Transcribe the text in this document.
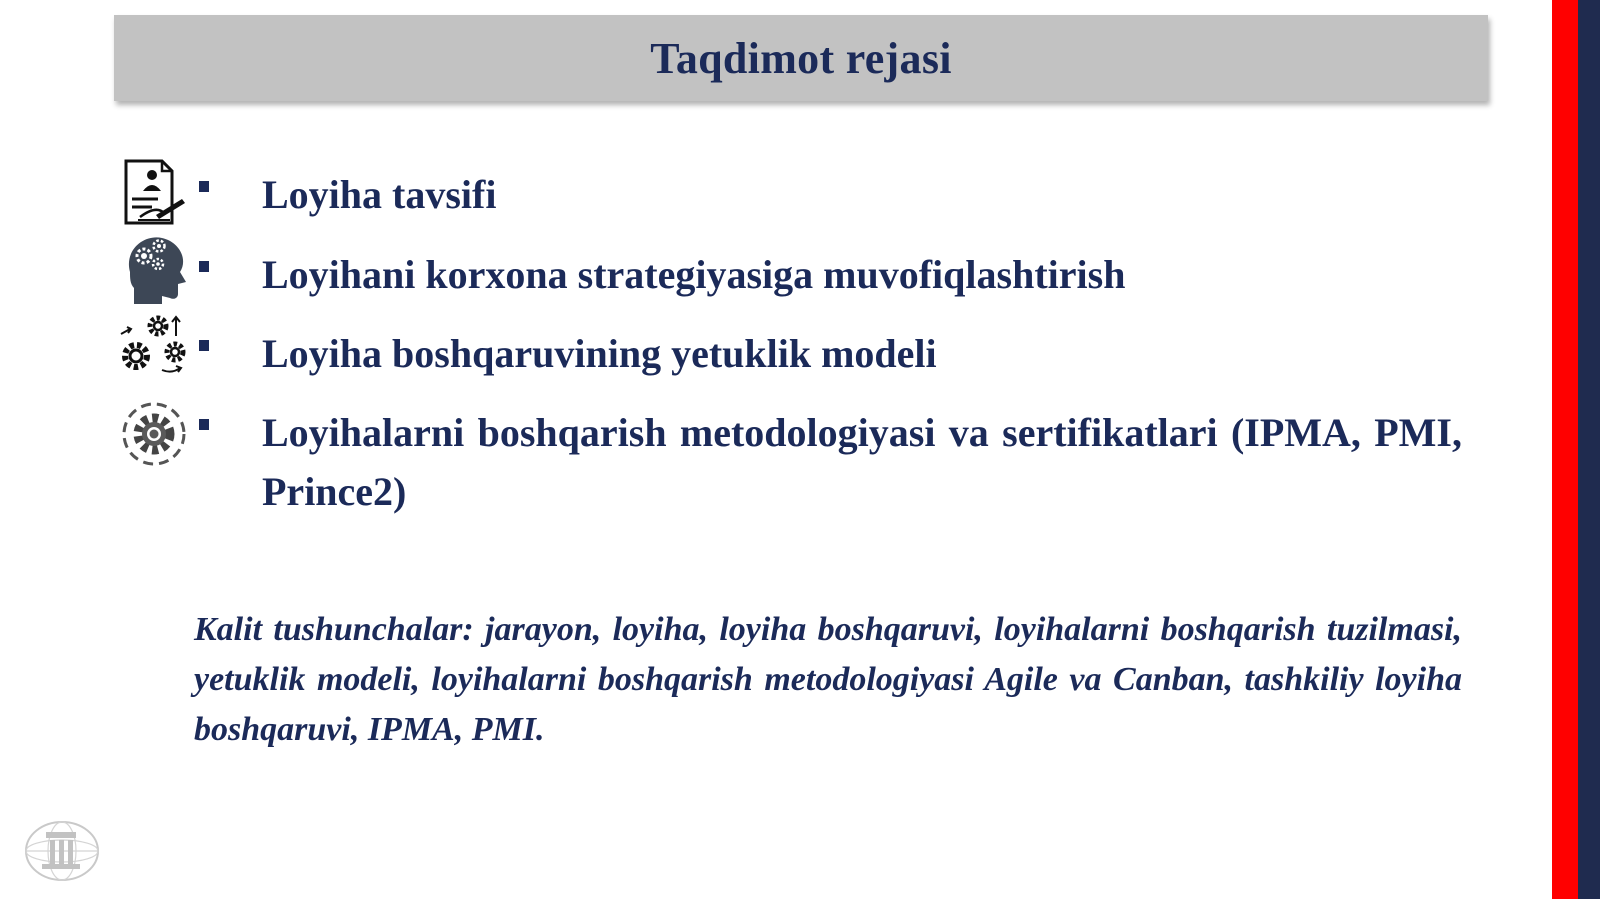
Taqdimot rejasi
Loyiha tavsifi
Loyihani korxona strategiyasiga muvofiqlashtirish
Loyiha boshqaruvining yetuklik modeli
Loyihalarni boshqarish metodologiyasi va sertifikatlari (IPMA, PMI, Prince2)
Kalit tushunchalar: jarayon, loyiha, loyiha boshqaruvi, loyihalarni boshqarish tuzilmasi, yetuklik modeli, loyihalarni boshqarish metodologiyasi Agile va Canban, tashkiliy loyiha boshqaruvi, IPMA, PMI.
